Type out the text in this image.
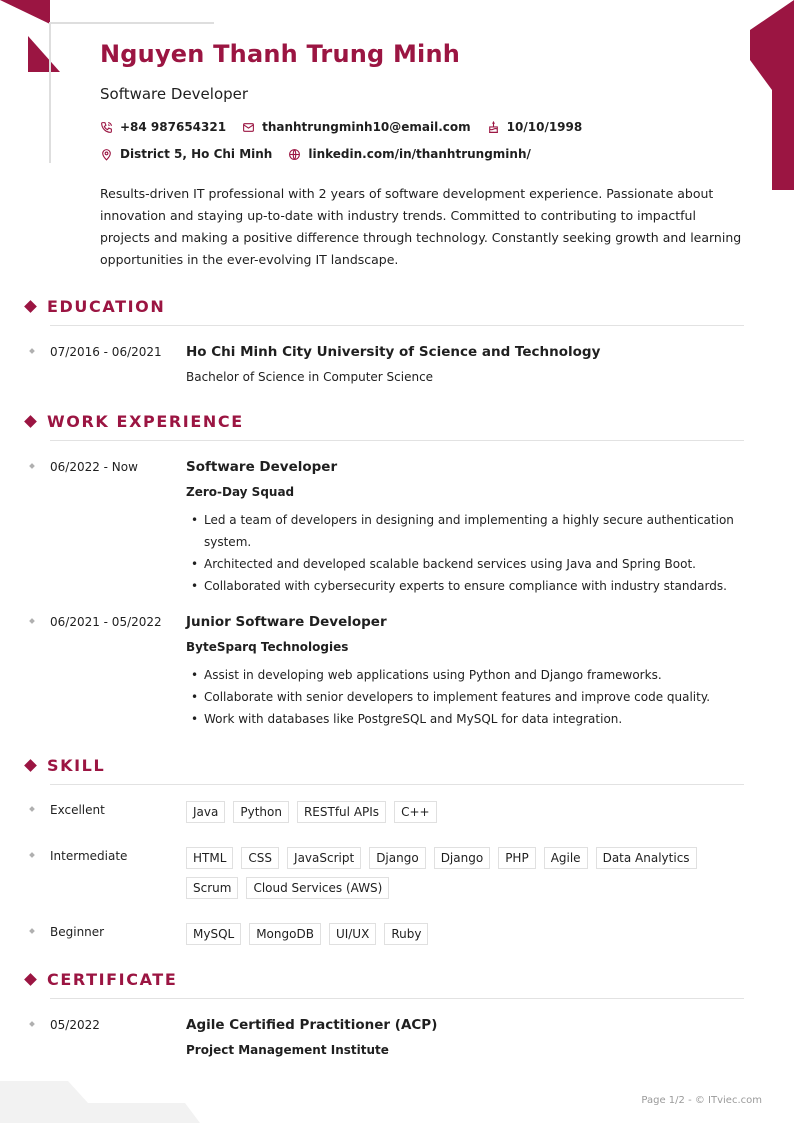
Nguyen Thanh Trung Minh
Software Developer
+84 987654321	thanhtrungminh10@email.com	10/10/1998
District 5, Ho Chi Minh	linkedin.com/in/thanhtrungminh/

Results-driven IT professional with 2 years of software development experience. Passionate about innovation and staying up-to-date with industry trends. Committed to contributing to impactful projects and making a positive difference through technology. Constantly seeking growth and learning opportunities in the ever-evolving IT landscape.

EDUCATION
07/2016 - 06/2021 Ho Chi Minh City University of Science and Technology
Bachelor of Science in Computer Science
WORK EXPERIENCE
06/2022 - Now	Software Developer
Zero-Day Squad
• Led a team of developers in designing and implementing a highly secure authentication system.
• Architected and developed scalable backend services using Java and Spring Boot.
• Collaborated with cybersecurity experts to ensure compliance with industry standards.
06/2021 - 05/2022 Junior Software Developer
ByteSparq Technologies
• Assist in developing web applications using Python and Django frameworks.
• Collaborate with senior developers to implement features and improve code quality.
• Work with databases like PostgreSQL and MySQL for data integration.
SKILL
Excellent	Java	Python	RESTful APIs	C++
Intermediate	HTML	CSS	JavaScript	Django	Django	PHP	Agile	Data Analytics
Scrum	Cloud Services (AWS)
Beginner	MySQL	MongoDB	UI/UX	Ruby
CERTIFICATE
05/2022	Agile Certified Practitioner (ACP)
Project Management Institute
Page 1/2 - © ITviec.com
